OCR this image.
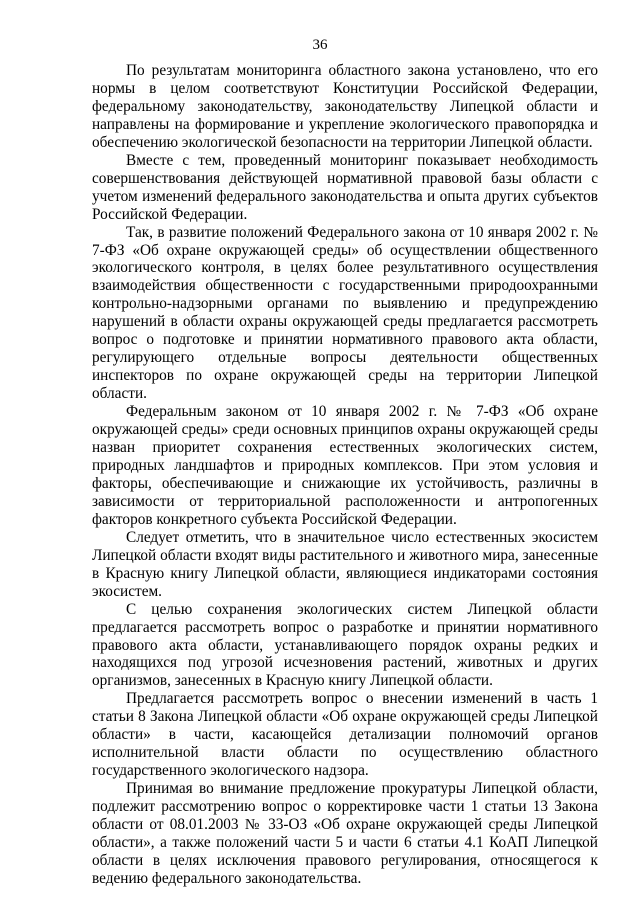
36

По результатам мониторинга областного закона установлено, что его нормы в целом соответствуют Конституции Российской Федерации, федеральному законодательству, законодательству Липецкой области и направлены на формирование и укрепление экологического правопорядка и обеспечению экологической безопасности на территории Липецкой области.

Вместе с тем, проведенный мониторинг показывает необходимость совершенствования действующей нормативной правовой базы области с учетом изменений федерального законодательства и опыта других субъектов Российской Федерации.

Так, в развитие положений Федерального закона от 10 января 2002 г. № 7-ФЗ «Об охране окружающей среды» об осуществлении общественного экологического контроля, в целях более результативного осуществления взаимодействия общественности с государственными природоохранными контрольно-надзорными органами по выявлению и предупреждению нарушений в области охраны окружающей среды предлагается рассмотреть вопрос о подготовке и принятии нормативного правового акта области, регулирующего отдельные вопросы деятельности общественных инспекторов по охране окружающей среды на территории Липецкой области.

Федеральным законом от 10 января 2002 г. № 7-ФЗ «Об охране окружающей среды» среди основных принципов охраны окружающей среды назван приоритет сохранения естественных экологических систем, природных ландшафтов и природных комплексов. При этом условия и факторы, обеспечивающие и снижающие их устойчивость, различны в зависимости от территориальной расположенности и антропогенных факторов конкретного субъекта Российской Федерации.

Следует отметить, что в значительное число естественных экосистем Липецкой области входят виды растительного и животного мира, занесенные в Красную книгу Липецкой области, являющиеся индикаторами состояния экосистем.

С целью сохранения экологических систем Липецкой области предлагается рассмотреть вопрос о разработке и принятии нормативного правового акта области, устанавливающего порядок охраны редких и находящихся под угрозой исчезновения растений, животных и других организмов, занесенных в Красную книгу Липецкой области.

Предлагается рассмотреть вопрос о внесении изменений в часть 1 статьи 8 Закона Липецкой области «Об охране окружающей среды Липецкой области» в части, касающейся детализации полномочий органов исполнительной власти области по осуществлению областного государственного экологического надзора.

Принимая во внимание предложение прокуратуры Липецкой области, подлежит рассмотрению вопрос о корректировке части 1 статьи 13 Закона области от 08.01.2003 № 33-ОЗ «Об охране окружающей среды Липецкой области», а также положений части 5 и части 6 статьи 4.1 КоАП Липецкой области в целях исключения правового регулирования, относящегося к ведению федерального законодательства.
